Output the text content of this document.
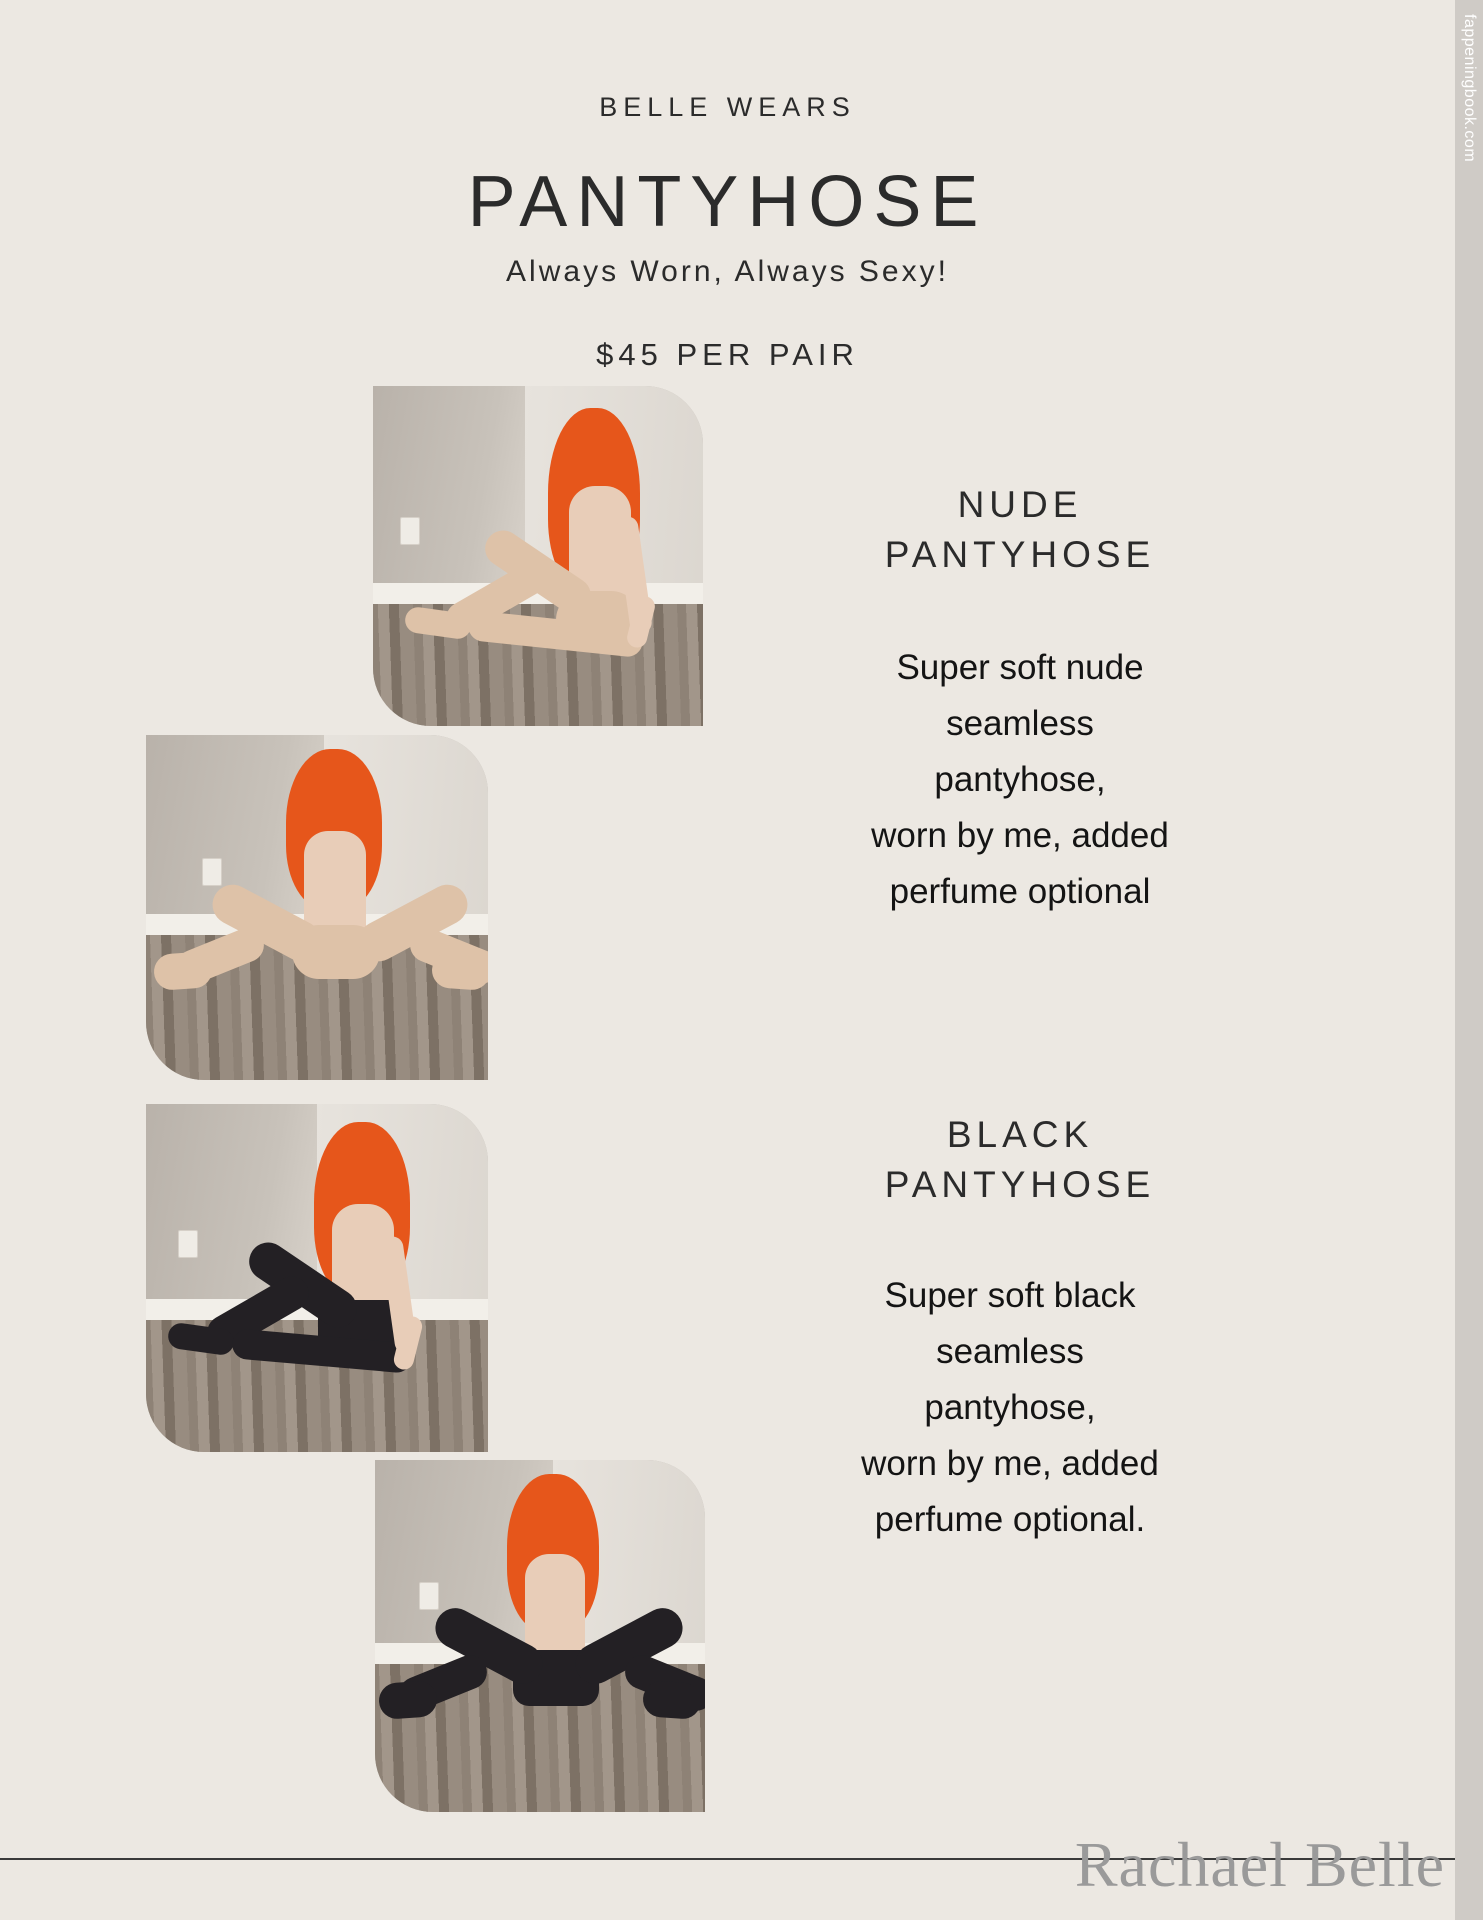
BELLE WEARS
PANTYHOSE
Always Worn, Always Sexy!
$45 PER PAIR
NUDE
PANTYHOSE
Super soft nude
seamless
pantyhose,
worn by me, added
perfume optional
BLACK
PANTYHOSE
Super soft black
seamless
pantyhose,
worn by me, added
perfume optional.
Rachael Belle
fappeningbook.com
